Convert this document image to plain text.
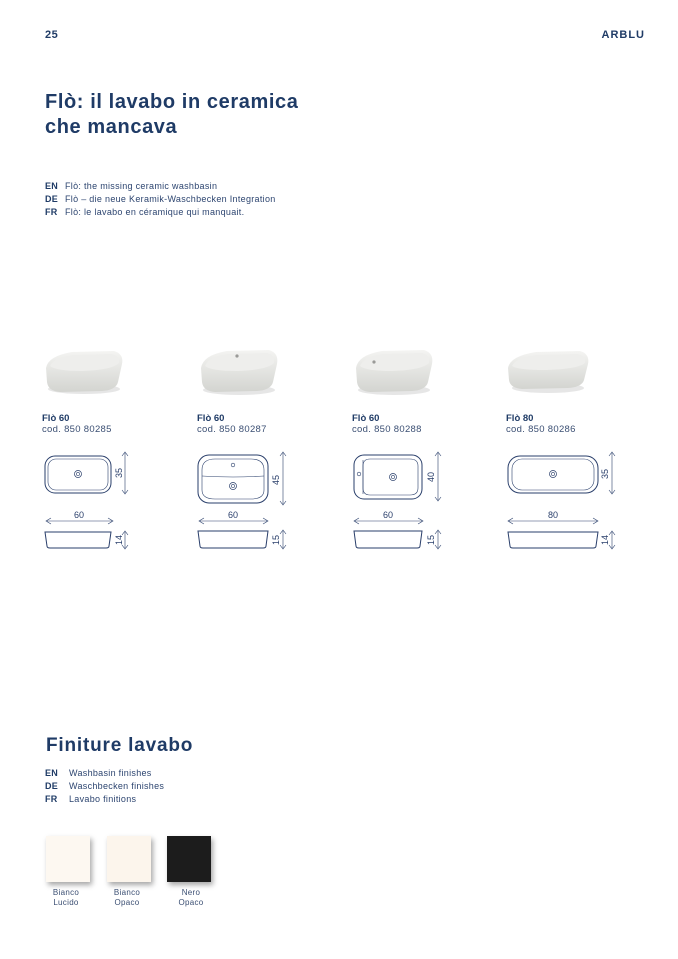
25	ARBLU
Flò: il lavabo in ceramica che mancava
EN Flò: the missing ceramic washbasin
DE Flò – die neue Keramik-Waschbecken Integration
FR Flò: le lavabo en céramique qui manquait.
Flò 60
cod. 850 80285
Flò 60
cod. 850 80287
Flò 60
cod. 850 80288
Flò 80
cod. 850 80286
60
35
14
60
45
15
60
40
15
80
35
14
Finiture lavabo
EN Washbasin finishes
DE Waschbecken finishes
FR Lavabo finitions
Bianco
Lucido
Bianco
Opaco
Nero
Opaco
